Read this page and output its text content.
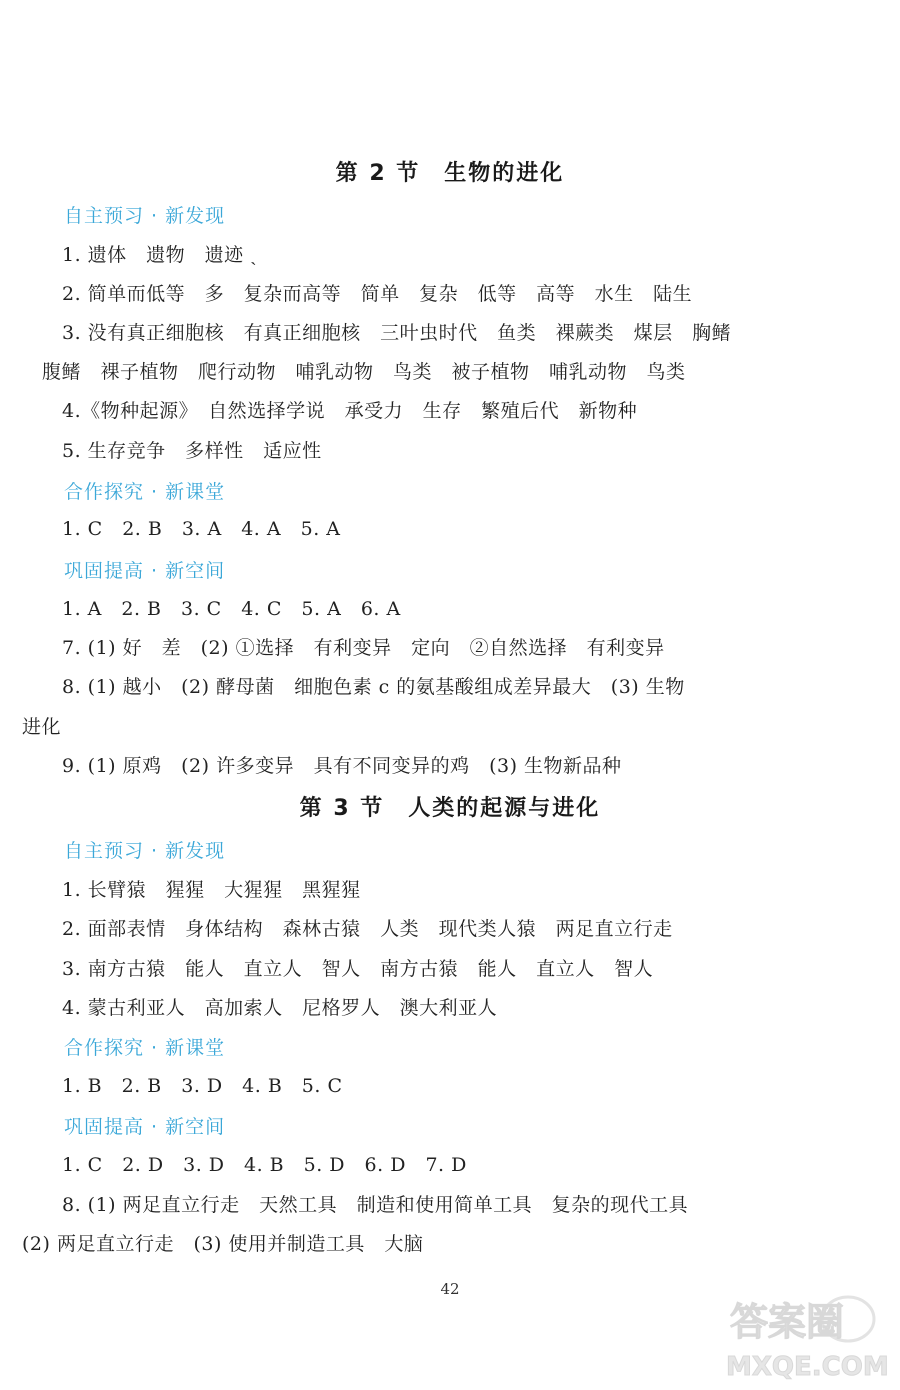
第 2 节　生物的进化
自主预习 · 新发现
1. 遗体　遗物　遗迹 ˎ
2. 简单而低等　多　复杂而高等　简单　复杂　低等　高等　水生　陆生
3. 没有真正细胞核　有真正细胞核　三叶虫时代　鱼类　裸蕨类　煤层　胸鳍
腹鳍　裸子植物　爬行动物　哺乳动物　鸟类　被子植物　哺乳动物　鸟类
4.《物种起源》　自然选择学说　承受力　生存　繁殖后代　新物种
5. 生存竞争　多样性　适应性
合作探究 · 新课堂
1. C　2. B　3. A　4. A　5. A
巩固提高 · 新空间
1. A　2. B　3. C　4. C　5. A　6. A
7. (1) 好　差　(2) ①选择　有利变异　定向　②自然选择　有利变异
8. (1) 越小　(2) 酵母菌　细胞色素 c 的氨基酸组成差异最大　(3) 生物
进化
9. (1) 原鸡　(2) 许多变异　具有不同变异的鸡　(3) 生物新品种
第 3 节　人类的起源与进化
自主预习 · 新发现
1. 长臂猿　猩猩　大猩猩　黑猩猩
2. 面部表情　身体结构　森林古猿　人类　现代类人猿　两足直立行走
3. 南方古猿　能人　直立人　智人　南方古猿　能人　直立人　智人
4. 蒙古利亚人　高加索人　尼格罗人　澳大利亚人
合作探究 · 新课堂
1. B　2. B　3. D　4. B　5. C
巩固提高 · 新空间
1. C　2. D　3. D　4. B　5. D　6. D　7. D
8. (1) 两足直立行走　天然工具　制造和使用简单工具　复杂的现代工具
(2) 两足直立行走　(3) 使用并制造工具　大脑
42
答案圈
MXQE.COM
